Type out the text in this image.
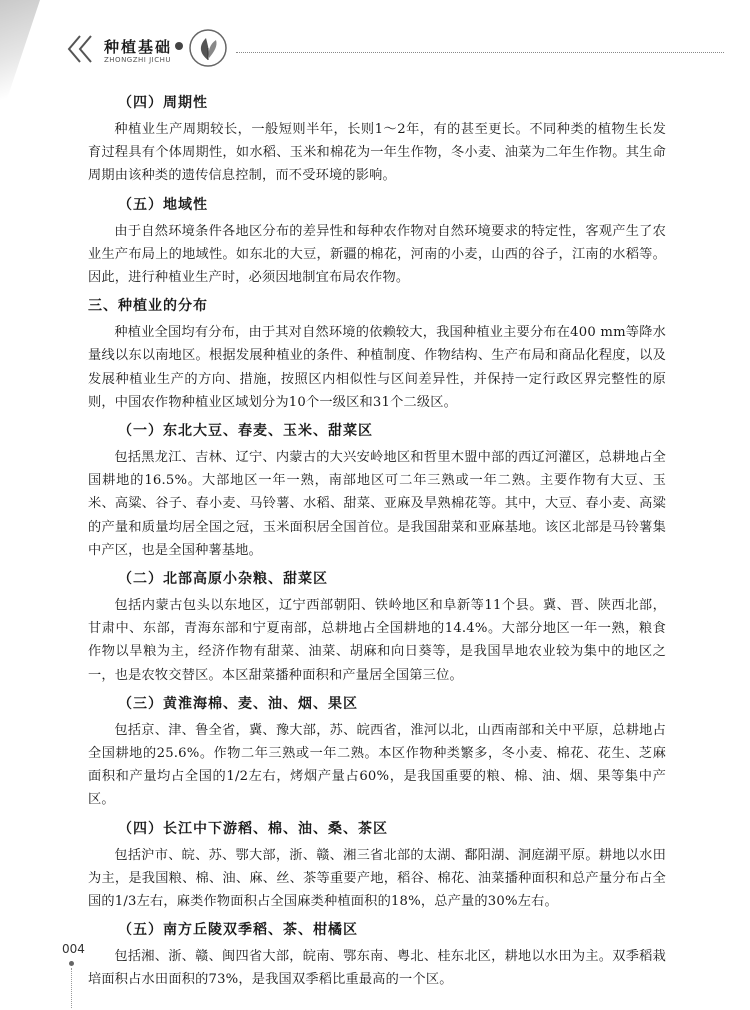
种植基础
ZHONGZHI JICHU
（四）周期性

种植业生产周期较长，一般短则半年，长则1～2年，有的甚至更长。不同种类的植物生长发育过程具有个体周期性，如水稻、玉米和棉花为一年生作物，冬小麦、油菜为二年生作物。其生命周期由该种类的遗传信息控制，而不受环境的影响。

（五）地域性

由于自然环境条件各地区分布的差异性和每种农作物对自然环境要求的特定性，客观产生了农业生产布局上的地域性。如东北的大豆，新疆的棉花，河南的小麦，山西的谷子，江南的水稻等。因此，进行种植业生产时，必须因地制宜布局农作物。

三、种植业的分布

种植业全国均有分布，由于其对自然环境的依赖较大，我国种植业主要分布在400 mm等降水量线以东以南地区。根据发展种植业的条件、种植制度、作物结构、生产布局和商品化程度，以及发展种植业生产的方向、措施，按照区内相似性与区间差异性，并保持一定行政区界完整性的原则，中国农作物种植业区域划分为10个一级区和31个二级区。

（一）东北大豆、春麦、玉米、甜菜区

包括黑龙江、吉林、辽宁、内蒙古的大兴安岭地区和哲里木盟中部的西辽河灌区，总耕地占全国耕地的16.5%。大部地区一年一熟，南部地区可二年三熟或一年二熟。主要作物有大豆、玉米、高粱、谷子、春小麦、马铃薯、水稻、甜菜、亚麻及旱熟棉花等。其中，大豆、春小麦、高粱的产量和质量均居全国之冠，玉米面积居全国首位。是我国甜菜和亚麻基地。该区北部是马铃薯集中产区，也是全国种薯基地。

（二）北部高原小杂粮、甜菜区

包括内蒙古包头以东地区，辽宁西部朝阳、铁岭地区和阜新等11个县。冀、晋、陕西北部，甘肃中、东部，青海东部和宁夏南部，总耕地占全国耕地的14.4%。大部分地区一年一熟，粮食作物以旱粮为主，经济作物有甜菜、油菜、胡麻和向日葵等，是我国旱地农业较为集中的地区之一，也是农牧交替区。本区甜菜播种面积和产量居全国第三位。

（三）黄淮海棉、麦、油、烟、果区

包括京、津、鲁全省，冀、豫大部，苏、皖西省，淮河以北，山西南部和关中平原，总耕地占全国耕地的25.6%。作物二年三熟或一年二熟。本区作物种类繁多，冬小麦、棉花、花生、芝麻面积和产量均占全国的1/2左右，烤烟产量占60%，是我国重要的粮、棉、油、烟、果等集中产区。

（四）长江中下游稻、棉、油、桑、茶区

包括沪市、皖、苏、鄂大部，浙、赣、湘三省北部的太湖、鄱阳湖、洞庭湖平原。耕地以水田为主，是我国粮、棉、油、麻、丝、茶等重要产地，稻谷、棉花、油菜播种面积和总产量分布占全国的1/3左右，麻类作物面积占全国麻类种植面积的18%，总产量的30%左右。

（五）南方丘陵双季稻、茶、柑橘区

包括湘、浙、赣、闽四省大部，皖南、鄂东南、粤北、桂东北区，耕地以水田为主。双季稻栽培面积占水田面积的73%，是我国双季稻比重最高的一个区。

004
